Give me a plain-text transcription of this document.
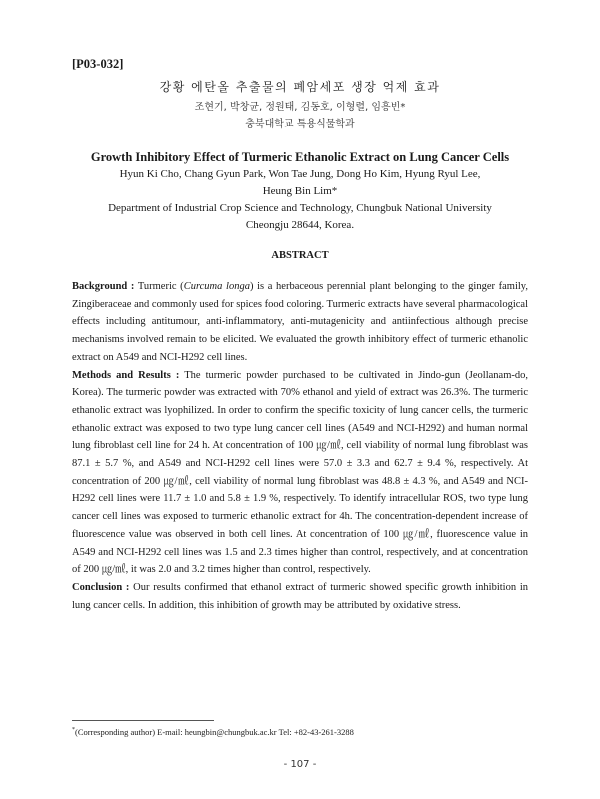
[P03-032]
강황 에탄올 추출물의 폐암세포 생장 억제 효과
조현기, 박창균, 정원태, 김동호, 이형렬, 임흥빈*
충북대학교 특용식물학과
Growth Inhibitory Effect of Turmeric Ethanolic Extract on Lung Cancer Cells
Hyun Ki Cho, Chang Gyun Park, Won Tae Jung, Dong Ho Kim, Hyung Ryul Lee,
Heung Bin Lim*
Department of Industrial Crop Science and Technology, Chungbuk National University
Cheongju 28644, Korea.
ABSTRACT

Background : Turmeric (Curcuma longa) is a herbaceous perennial plant belonging to the ginger family, Zingiberaceae and commonly used for spices food coloring. Turmeric extracts have several pharmacological effects including antitumour, anti-inflammatory, anti-mutagenicity and antiinfectious although precise mechanisms involved remain to be elicited. We evaluated the growth inhibitory effect of turmeric ethanolic extract on A549 and NCI-H292 cell lines.

Methods and Results : The turmeric powder purchased to be cultivated in Jindo-gun (Jeollanam-do, Korea). The turmeric powder was extracted with 70% ethanol and yield of extract was 26.3%. The turmeric ethanolic extract was lyophilized. In order to confirm the specific toxicity of lung cancer cells, the turmeric ethanolic extract was exposed to two type lung cancer cell lines (A549 and NCI-H292) and human normal lung fibroblast cell line for 24 h. At concentration of 100 ㎍/㎖, cell viability of normal lung fibroblast was 87.1 ± 5.7 %, and A549 and NCI-H292 cell lines were 57.0 ± 3.3 and 62.7 ± 9.4 %, respectively. At concentration of 200 ㎍/㎖, cell viability of normal lung fibroblast was 48.8 ± 4.3 %, and A549 and NCI-H292 cell lines were 11.7 ± 1.0 and 5.8 ± 1.9 %, respectively. To identify intracellular ROS, two type lung cancer cell lines was exposed to turmeric ethanolic extract for 4h. The concentration-dependent increase of fluorescence value was observed in both cell lines. At concentration of 100 ㎍/㎖, fluorescence value in A549 and NCI-H292 cell lines was 1.5 and 2.3 times higher than control, respectively, and at concentration of 200 ㎍/㎖, it was 2.0 and 3.2 times higher than control, respectively.

Conclusion : Our results confirmed that ethanol extract of turmeric showed specific growth inhibition in lung cancer cells. In addition, this inhibition of growth may be attributed by oxidative stress.

*(Corresponding author) E-mail: heungbin@chungbuk.ac.kr Tel: +82-43-261-3288
- 107 -
